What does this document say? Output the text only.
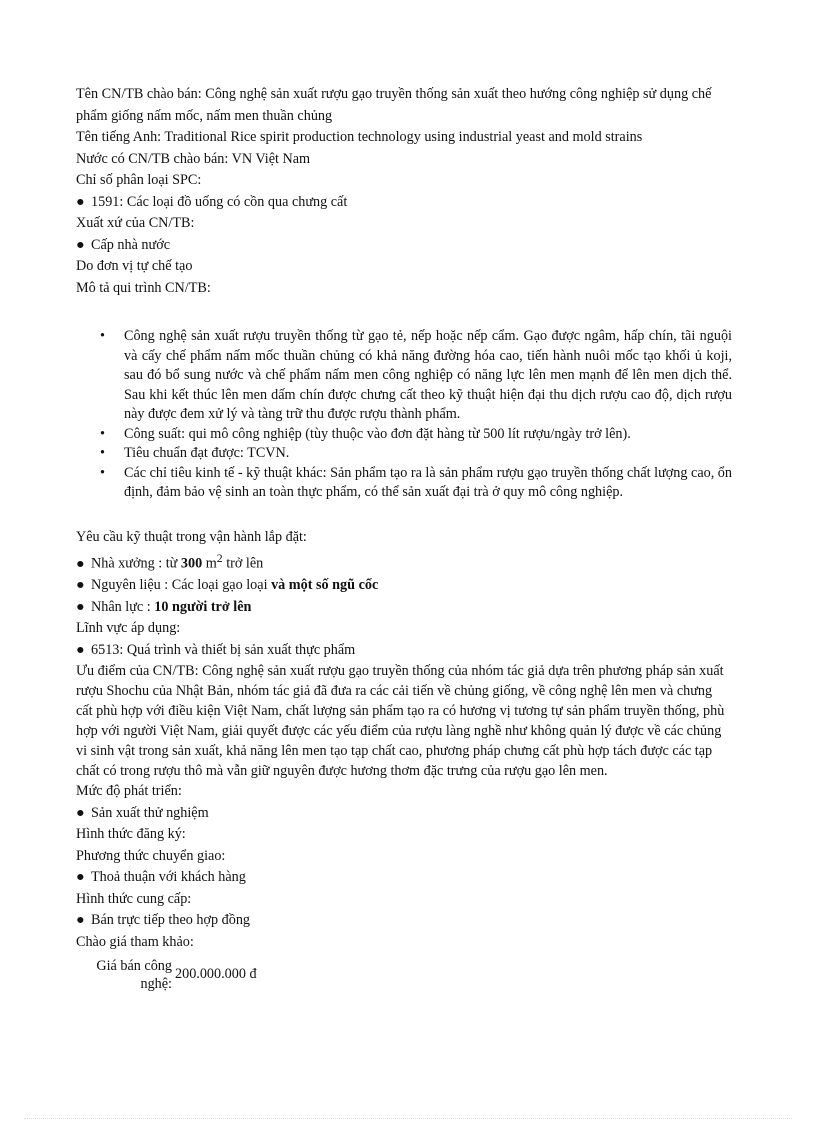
Tên CN/TB chào bán: Công nghệ sản xuất rượu gạo truyền thống sản xuất theo hướng công nghiệp sử dụng chế phẩm giống nấm mốc, nấm men thuần chủng

Tên tiếng Anh: Traditional Rice spirit production technology using industrial yeast and mold strains

Nước có CN/TB chào bán: VN Việt Nam

Chỉ số phân loại SPC:

● 1591: Các loại đồ uống có cồn qua chưng cất

Xuất xứ của CN/TB:

● Cấp nhà nước

Do đơn vị tự chế tạo

Mô tả qui trình CN/TB:

• Công nghệ sản xuất rượu truyền thống từ gạo tẻ, nếp hoặc nếp cẩm. Gạo được ngâm, hấp chín, tãi nguội và cấy chế phẩm nấm mốc thuần chủng có khả năng đường hóa cao, tiến hành nuôi mốc tạo khối ủ koji, sau đó bổ sung nước và chế phẩm nấm men công nghiệp có năng lực lên men mạnh để lên men dịch thể. Sau khi kết thúc lên men dấm chín được chưng cất theo kỹ thuật hiện đại thu dịch rượu cao độ, dịch rượu này được đem xử lý và tàng trữ thu được rượu thành phẩm.
• Công suất: qui mô công nghiệp (tùy thuộc vào đơn đặt hàng từ 500 lít rượu/ngày trở lên).
• Tiêu chuẩn đạt được: TCVN.
• Các chỉ tiêu kinh tế - kỹ thuật khác: Sản phẩm tạo ra là sản phẩm rượu gạo truyền thống chất lượng cao, ổn định, đảm bảo vệ sinh an toàn thực phẩm, có thể sản xuất đại trà ở quy mô công nghiệp.

Yêu cầu kỹ thuật trong vận hành lắp đặt:

● Nhà xưởng : từ 300 $m^2$ trở lên

● Nguyên liệu : Các loại gạo loại và một số ngũ cốc

● Nhân lực : 10 người trở lên

Lĩnh vực áp dụng:

● 6513: Quá trình và thiết bị sản xuất thực phẩm

Ưu điểm của CN/TB: Công nghệ sản xuất rượu gạo truyền thống của nhóm tác giả dựa trên phương pháp sản xuất rượu Shochu của Nhật Bản, nhóm tác giả đã đưa ra các cải tiến về chủng giống, về công nghệ lên men và chưng cất phù hợp với điều kiện Việt Nam, chất lượng sản phẩm tạo ra có hương vị tương tự sản phẩm truyền thống, phù hợp với người Việt Nam, giải quyết được các yếu điểm của rượu làng nghề như không quản lý được về các chủng vi sinh vật trong sản xuất, khả năng lên men tạo tạp chất cao, phương pháp chưng cất phù hợp tách được các tạp chất có trong rượu thô mà vẫn giữ nguyên được hương thơm đặc trưng của rượu gạo lên men.

Mức độ phát triển:

● Sản xuất thử nghiệm

Hình thức đăng ký:

Phương thức chuyển giao:

● Thoả thuận với khách hàng

Hình thức cung cấp:

● Bán trực tiếp theo hợp đồng

Chào giá tham khảo:

Giá bán công nghệ:
200.000.000 đ
